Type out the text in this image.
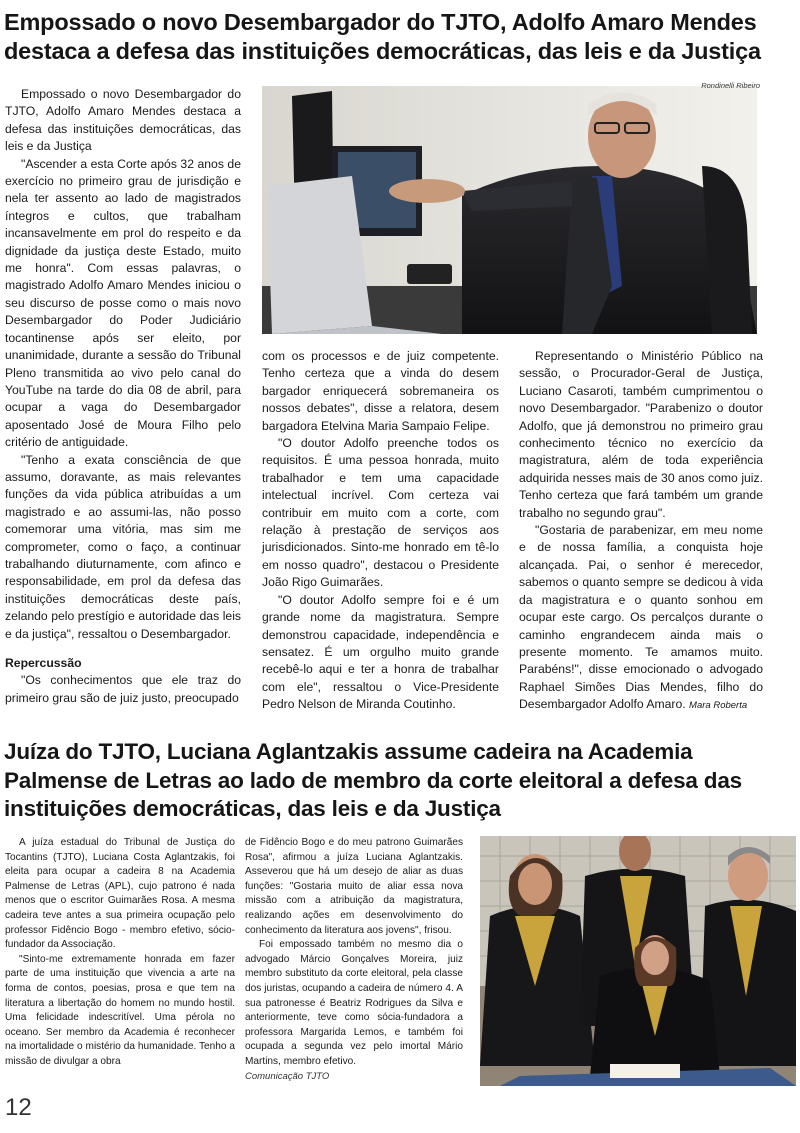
Empossado o novo Desembargador do TJTO, Adolfo Amaro Mendes destaca a defesa das instituições democráticas, das leis e da Justiça
Rondinelli Ribeiro

Empossado o novo Desembargador do TJTO, Adolfo Amaro Mendes destaca a defesa das instituições democráticas, das leis e da Justiça

"Ascender a esta Corte após 32 anos de exercício no primeiro grau de jurisdição e nela ter assento ao lado de magistrados íntegros e cultos, que trabalham incansavelmente em prol do respeito e da dignidade da justiça deste Estado, muito me honra". Com essas palavras, o magistrado Adolfo Amaro Mendes iniciou o seu discurso de posse como o mais novo Desembargador do Poder Judiciário tocantinense após ser eleito, por unanimidade, durante a sessão do Tribunal Pleno transmitida ao vivo pelo canal do YouTube na tarde do dia 08 de abril, para ocupar a vaga do Desembargador aposentado José de Moura Filho pelo critério de antiguidade.

"Tenho a exata consciência de que assumo, doravante, as mais relevantes funções da vida pública atribuídas a um magistrado e ao assumi-las, não posso comemorar uma vitória, mas sim me comprometer, como o faço, a continuar trabalhando diuturnamente, com afinco e responsabilidade, em prol da defesa das instituições democráticas deste país, zelando pelo prestígio e autoridade das leis e da justiça", ressaltou o Desembargador.

Repercussão

"Os conhecimentos que ele traz do primeiro grau são de juiz justo, preocupado

com os processos e de juiz competente. Tenho certeza que a vinda do desem bargador enriquecerá sobremaneira os nossos debates", disse a relatora, desem bargadora Etelvina Maria Sampaio Felipe.

"O doutor Adolfo preenche todos os requisitos. É uma pessoa honrada, muito trabalhador e tem uma capacidade intelectual incrível. Com certeza vai contribuir em muito com a corte, com relação à prestação de serviços aos jurisdicionados. Sinto-me honrado em tê-lo em nosso quadro", destacou o Presidente João Rigo Guimarães.

"O doutor Adolfo sempre foi e é um grande nome da magistratura. Sempre demonstrou capacidade, independência e sensatez. É um orgulho muito grande recebê-lo aqui e ter a honra de trabalhar com ele", ressaltou o Vice-Presidente Pedro Nelson de Miranda Coutinho.

Representando o Ministério Público na sessão, o Procurador-Geral de Justiça, Luciano Casaroti, também cumprimentou o novo Desembargador. "Parabenizo o doutor Adolfo, que já demonstrou no primeiro grau conhecimento técnico no exercício da magistratura, além de toda experiência adquirida nesses mais de 30 anos como juiz. Tenho certeza que fará também um grande trabalho no segundo grau".

"Gostaria de parabenizar, em meu nome e de nossa família, a conquista hoje alcançada. Pai, o senhor é merecedor, sabemos o quanto sempre se dedicou à vida da magistratura e o quanto sonhou em ocupar este cargo. Os percalços durante o caminho engrandecem ainda mais o presente momento. Te amamos muito. Parabéns!", disse emocionado o advogado Raphael Simões Dias Mendes, filho do Desembargador Adolfo Amaro. Mara Roberta

Juíza do TJTO, Luciana Aglantzakis assume cadeira na Academia Palmense de Letras ao lado de membro da corte eleitoral a defesa das instituições democráticas, das leis e da Justiça

A juíza estadual do Tribunal de Justiça do Tocantins (TJTO), Luciana Costa Aglantzakis, foi eleita para ocupar a cadeira 8 na Academia Palmense de Letras (APL), cujo patrono é nada menos que o escritor Guimarães Rosa. A mesma cadeira teve antes a sua primeira ocupação pelo professor Fidêncio Bogo - membro efetivo, sócio-fundador da Associação.

"Sinto-me extremamente honrada em fazer parte de uma instituição que vivencia a arte na forma de contos, poesias, prosa e que tem na literatura a libertação do homem no mundo hostil. Uma felicidade indescritível. Uma pérola no oceano. Ser membro da Academia é reconhecer na imortalidade o mistério da humanidade. Tenho a missão de divulgar a obra

de Fidêncio Bogo e do meu patrono Guimarães Rosa", afirmou a juíza Luciana Aglantzakis. Asseverou que há um desejo de aliar as duas funções: "Gostaria muito de aliar essa nova missão com a atribuição da magistratura, realizando ações em desenvolvimento do conhecimento da literatura aos jovens", frisou.

Foi empossado também no mesmo dia o advogado Márcio Gonçalves Moreira, juiz membro substituto da corte eleitoral, pela classe dos juristas, ocupando a cadeira de número 4. A sua patronesse é Beatriz Rodrigues da Silva e anteriormente, teve como sócia-fundadora a professora Margarida Lemos, e também foi ocupada a segunda vez pelo imortal Mário Martins, membro efetivo.

Comunicação TJTO
12
